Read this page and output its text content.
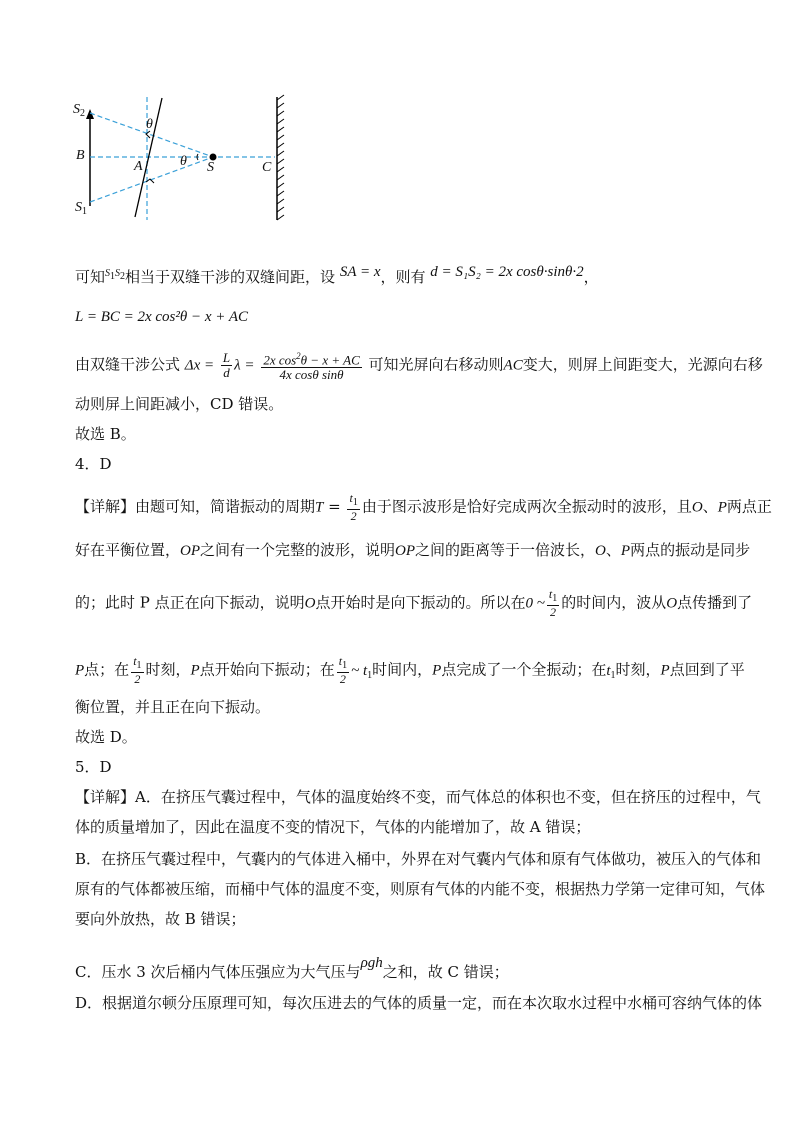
$S_2$
B
$S_1$
θ
θ
A	S	C
可知$^{S1S2}$相当于双缝干涉的双缝间距，设 SA = x，则有 d = S₁S₂ = 2x cosθ·sinθ·2，
L = BC = 2x cos²θ − x + AC
由双缝干涉公式 $\Delta x = \frac{L}{d}$ $\lambda = \frac{2x \cos^2\theta - x + AC}{\text{4x cosθ sinθ}}$ 可知光屏向右移动则AC变大，则屏上间距变大，光源向右移
动则屏上间距减小，CD 错误。
故选 B。
4．D
【详解】由题可知，简谐振动的周期$T = \frac{t_1}{2}$ 由于图示波形是恰好完成两次全振动时的波形，且O、P两点正
好在平衡位置，OP之间有一个完整的波形，说明OP之间的距离等于一倍波长，O、P两点的振动是同步
的；此时 P 点正在向下振动，说明O点开始时是向下振动的。所以在0 ~ $\frac{t_1}{2}$ 的时间内，波从O点传播到了
P点；在 $\frac{t_1}{2}$ 时刻，P点开始向下振动；在 $\frac{t_1}{2}$ ~ $t_1$时间内，P点完成了一个全振动；在$t_1$时刻，P点回到了平
衡位置，并且正在向下振动。
故选 D。
5．D
【详解】A．在挤压气囊过程中，气体的温度始终不变，而气体总的体积也不变，但在挤压的过程中，气
体的质量增加了，因此在温度不变的情况下，气体的内能增加了，故 A 错误；
B．在挤压气囊过程中，气囊内的气体进入桶中，外界在对气囊内气体和原有气体做功，被压入的气体和
原有的气体都被压缩，而桶中气体的温度不变，则原有气体的内能不变，根据热力学第一定律可知，气体
要向外放热，故 B 错误；
C．压水 3 次后桶内气体压强应为大气压与ρgh之和，故 C 错误；
D．根据道尔顿分压原理可知，每次压进去的气体的质量一定，而在本次取水过程中水桶可容纳气体的体
